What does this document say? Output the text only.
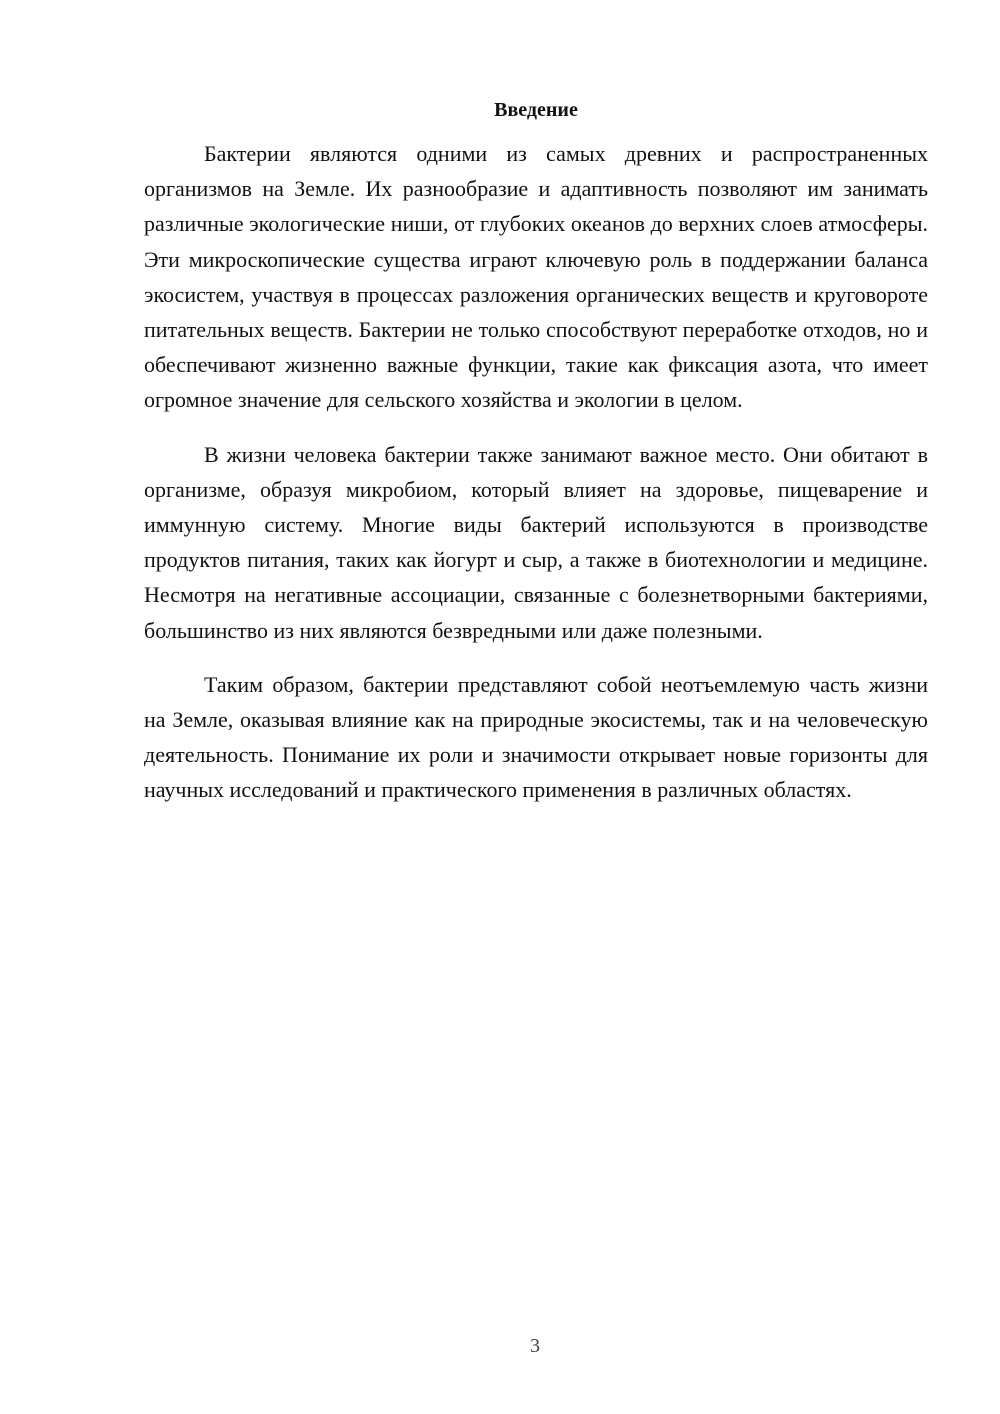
Введение

Бактерии являются одними из самых древних и распространенных организмов на Земле. Их разнообразие и адаптивность позволяют им занимать различные экологические ниши, от глубоких океанов до верхних слоев атмосферы. Эти микроскопические существа играют ключевую роль в поддержании баланса экосистем, участвуя в процессах разложения органических веществ и круговороте питательных веществ. Бактерии не только способствуют переработке отходов, но и обеспечивают жизненно важные функции, такие как фиксация азота, что имеет огромное значение для сельского хозяйства и экологии в целом.

В жизни человека бактерии также занимают важное место. Они обитают в организме, образуя микробиом, который влияет на здоровье, пищеварение и иммунную систему. Многие виды бактерий используются в производстве продуктов питания, таких как йогурт и сыр, а также в биотехнологии и медицине. Несмотря на негативные ассоциации, связанные с болезнетворными бактериями, большинство из них являются безвредными или даже полезными.

Таким образом, бактерии представляют собой неотъемлемую часть жизни на Земле, оказывая влияние как на природные экосистемы, так и на человеческую деятельность. Понимание их роли и значимости открывает новые горизонты для научных исследований и практического применения в различных областях.

3
